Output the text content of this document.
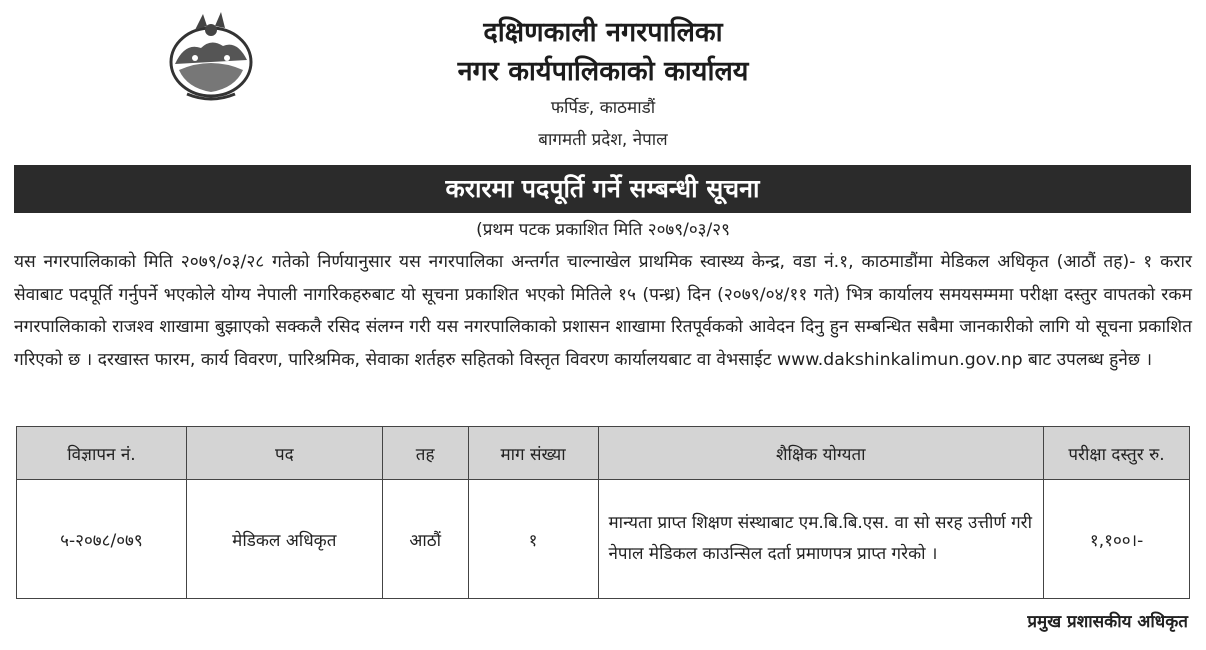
दक्षिणकाली नगरपालिका
नगर कार्यपालिकाको कार्यालय
फर्पिङ, काठमाडौं
बागमती प्रदेश, नेपाल
करारमा पदपूर्ति गर्ने सम्बन्धी सूचना
(प्रथम पटक प्रकाशित मिति २०७९/०३/२९
यस नगरपालिकाको मिति २०७९/०३/२८ गतेको निर्णयानुसार यस नगरपालिका अन्तर्गत चाल्नाखेल प्राथमिक स्वास्थ्य केन्द्र, वडा नं.१, काठमाडौंमा मेडिकल अधिकृत (आठौं तह)- १ करार सेवाबाट पदपूर्ति गर्नुपर्ने भएकोले योग्य नेपाली नागरिकहरुबाट यो सूचना प्रकाशित भएको मितिले १५ (पन्ध्र) दिन (२०७९/०४/११ गते) भित्र कार्यालय समयसम्ममा परीक्षा दस्तुर वापतको रकम नगरपालिकाको राजश्व शाखामा बुझाएको सक्कलै रसिद संलग्न गरी यस नगरपालिकाको प्रशासन शाखामा रितपूर्वकको आवेदन दिनु हुन सम्बन्धित सबैमा जानकारीको लागि यो सूचना प्रकाशित गरिएको छ । दरखास्त फारम, कार्य विवरण, पारिश्रमिक, सेवाका शर्तहरु सहितको विस्तृत विवरण कार्यालयबाट वा वेभसाईट www.dakshinkalimun.gov.np बाट उपलब्ध हुनेछ ।
विज्ञापन नं.	पद	तह	माग संख्या	शैक्षिक योग्यता	परीक्षा दस्तुर रु.
५-२०७८/०७९	मेडिकल अधिकृत	आठौं	१	मान्यता प्राप्त शिक्षण संस्थाबाट एम.बि.बि.एस. वा सो सरह उत्तीर्ण गरी नेपाल मेडिकल काउन्सिल दर्ता प्रमाणपत्र प्राप्त गरेको ।	१,१००।-
प्रमुख प्रशासकीय अधिकृत
